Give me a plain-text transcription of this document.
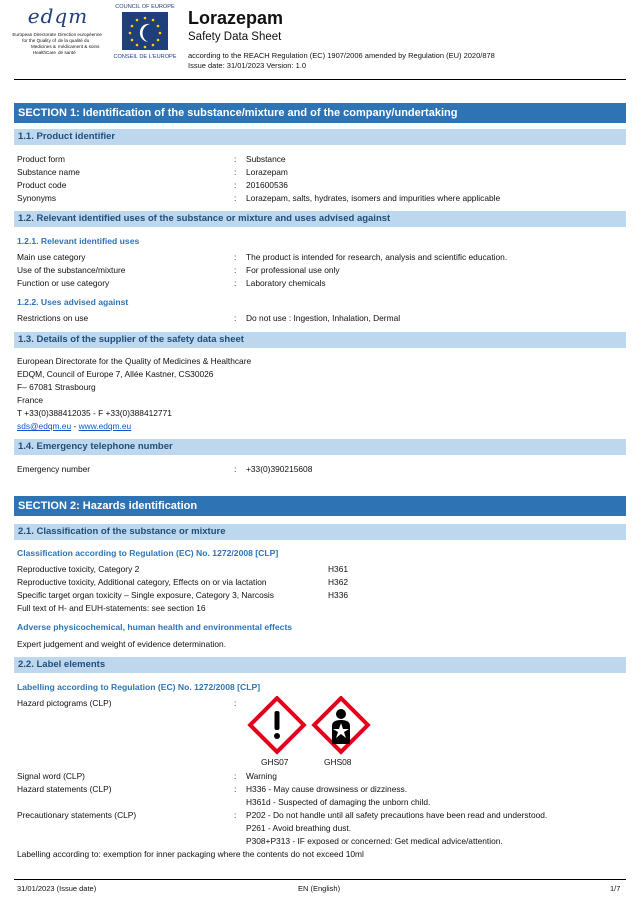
edqm
European Directorate for the Quality of Medicines & HealthCare
Direction européenne de la qualité du médicament & soins de santé
COUNCIL OF EUROPE
CONSEIL DE L'EUROPE
Lorazepam
Safety Data Sheet
according to the REACH Regulation (EC) 1907/2006 amended by Regulation (EU) 2020/878
Issue date: 31/01/2023 Version: 1.0
SECTION 1: Identification of the substance/mixture and of the company/undertaking
1.1. Product identifier
Product form	: Substance
Substance name	: Lorazepam
Product code	: 201600536
Synonyms	: Lorazepam, salts, hydrates, isomers and impurities where applicable
1.2. Relevant identified uses of the substance or mixture and uses advised against
1.2.1. Relevant identified uses
Main use category	: The product is intended for research, analysis and scientific education.
Use of the substance/mixture	: For professional use only
Function or use category	: Laboratory chemicals
1.2.2. Uses advised against
Restrictions on use	: Do not use : Ingestion, Inhalation, Dermal
1.3. Details of the supplier of the safety data sheet
European Directorate for the Quality of Medicines & Healthcare
EDQM, Council of Europe 7, Allée Kastner, CS30026
F– 67081 Strasbourg
France
T +33(0)388412035 - F +33(0)388412771
sds@edqm.eu - www.edqm.eu
1.4. Emergency telephone number
Emergency number	: +33(0)390215608
SECTION 2: Hazards identification
2.1. Classification of the substance or mixture
Classification according to Regulation (EC) No. 1272/2008 [CLP]
Reproductive toxicity, Category 2	H361
Reproductive toxicity, Additional category, Effects on or via lactation	H362
Specific target organ toxicity – Single exposure, Category 3, Narcosis	H336
Full text of H- and EUH-statements: see section 16
Adverse physicochemical, human health and environmental effects
Expert judgement and weight of evidence determination.
2.2. Label elements
Labelling according to Regulation (EC) No. 1272/2008 [CLP]
Hazard pictograms (CLP)	:
GHS07	GHS08
Signal word (CLP)	: Warning
Hazard statements (CLP)	: H336 - May cause drowsiness or dizziness.
H361d - Suspected of damaging the unborn child.
Precautionary statements (CLP)	: P202 - Do not handle until all safety precautions have been read and understood.
P261 - Avoid breathing dust.
P308+P313 - IF exposed or concerned: Get medical advice/attention.
Labelling according to: exemption for inner packaging where the contents do not exceed 10ml
31/01/2023 (Issue date)	EN (English)	1/7
